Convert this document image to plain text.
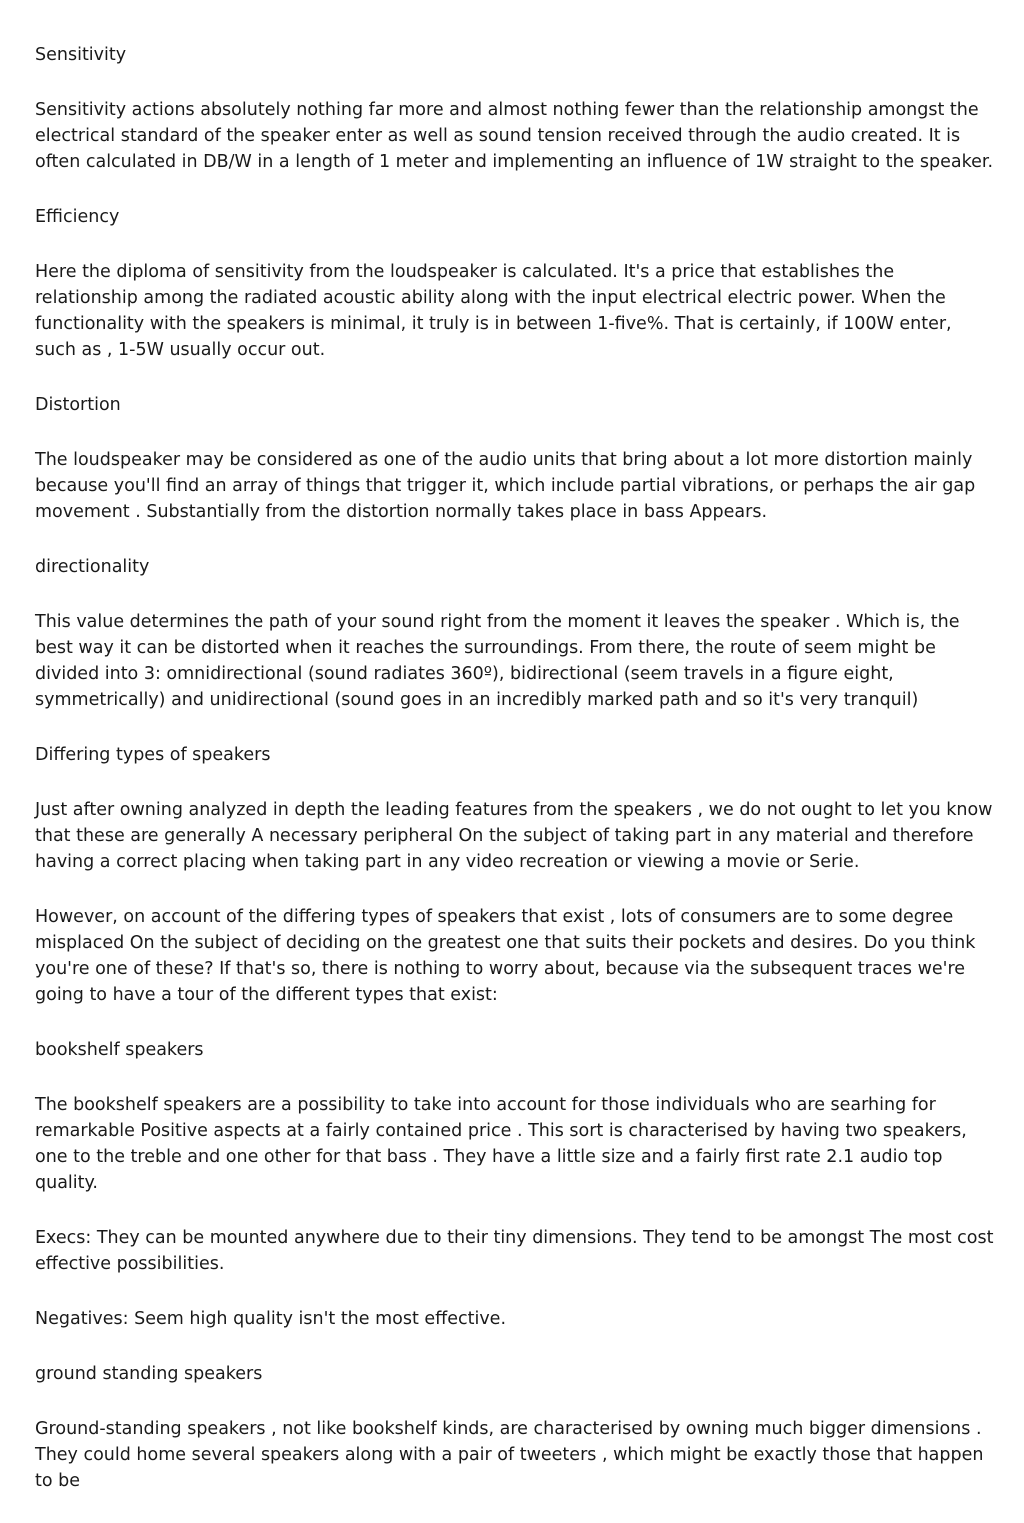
Sensitivity
Sensitivity actions absolutely nothing far more and almost nothing fewer than the relationship amongst the electrical standard of the speaker enter as well as sound tension received through the audio created. It is often calculated in DB/W in a length of 1 meter and implementing an influence of 1W straight to the speaker.
Efficiency
Here the diploma of sensitivity from the loudspeaker is calculated. It's a price that establishes the relationship among the radiated acoustic ability along with the input electrical electric power. When the functionality with the speakers is minimal, it truly is in between 1-five%. That is certainly, if 100W enter, such as , 1-5W usually occur out.
Distortion
The loudspeaker may be considered as one of the audio units that bring about a lot more distortion mainly because you'll find an array of things that trigger it, which include partial vibrations, or perhaps the air gap movement . Substantially from the distortion normally takes place in bass Appears.
directionality
This value determines the path of your sound right from the moment it leaves the speaker . Which is, the best way it can be distorted when it reaches the surroundings. From there, the route of seem might be divided into 3: omnidirectional (sound radiates 360º), bidirectional (seem travels in a figure eight, symmetrically) and unidirectional (sound goes in an incredibly marked path and so it's very tranquil)
Differing types of speakers
Just after owning analyzed in depth the leading features from the speakers , we do not ought to let you know that these are generally A necessary peripheral On the subject of taking part in any material and therefore having a correct placing when taking part in any video recreation or viewing a movie or Serie.
However, on account of the differing types of speakers that exist , lots of consumers are to some degree misplaced On the subject of deciding on the greatest one that suits their pockets and desires. Do you think you're one of these? If that's so, there is nothing to worry about, because via the subsequent traces we're going to have a tour of the different types that exist:
bookshelf speakers
The bookshelf speakers are a possibility to take into account for those individuals who are searhing for remarkable Positive aspects at a fairly contained price . This sort is characterised by having two speakers, one to the treble and one other for that bass . They have a little size and a fairly first rate 2.1 audio top quality.
Execs: They can be mounted anywhere due to their tiny dimensions. They tend to be amongst The most cost effective possibilities.
Negatives: Seem high quality isn't the most effective.
ground standing speakers
Ground-standing speakers , not like bookshelf kinds, are characterised by owning much bigger dimensions . They could home several speakers along with a pair of tweeters , which might be exactly those that happen to be
